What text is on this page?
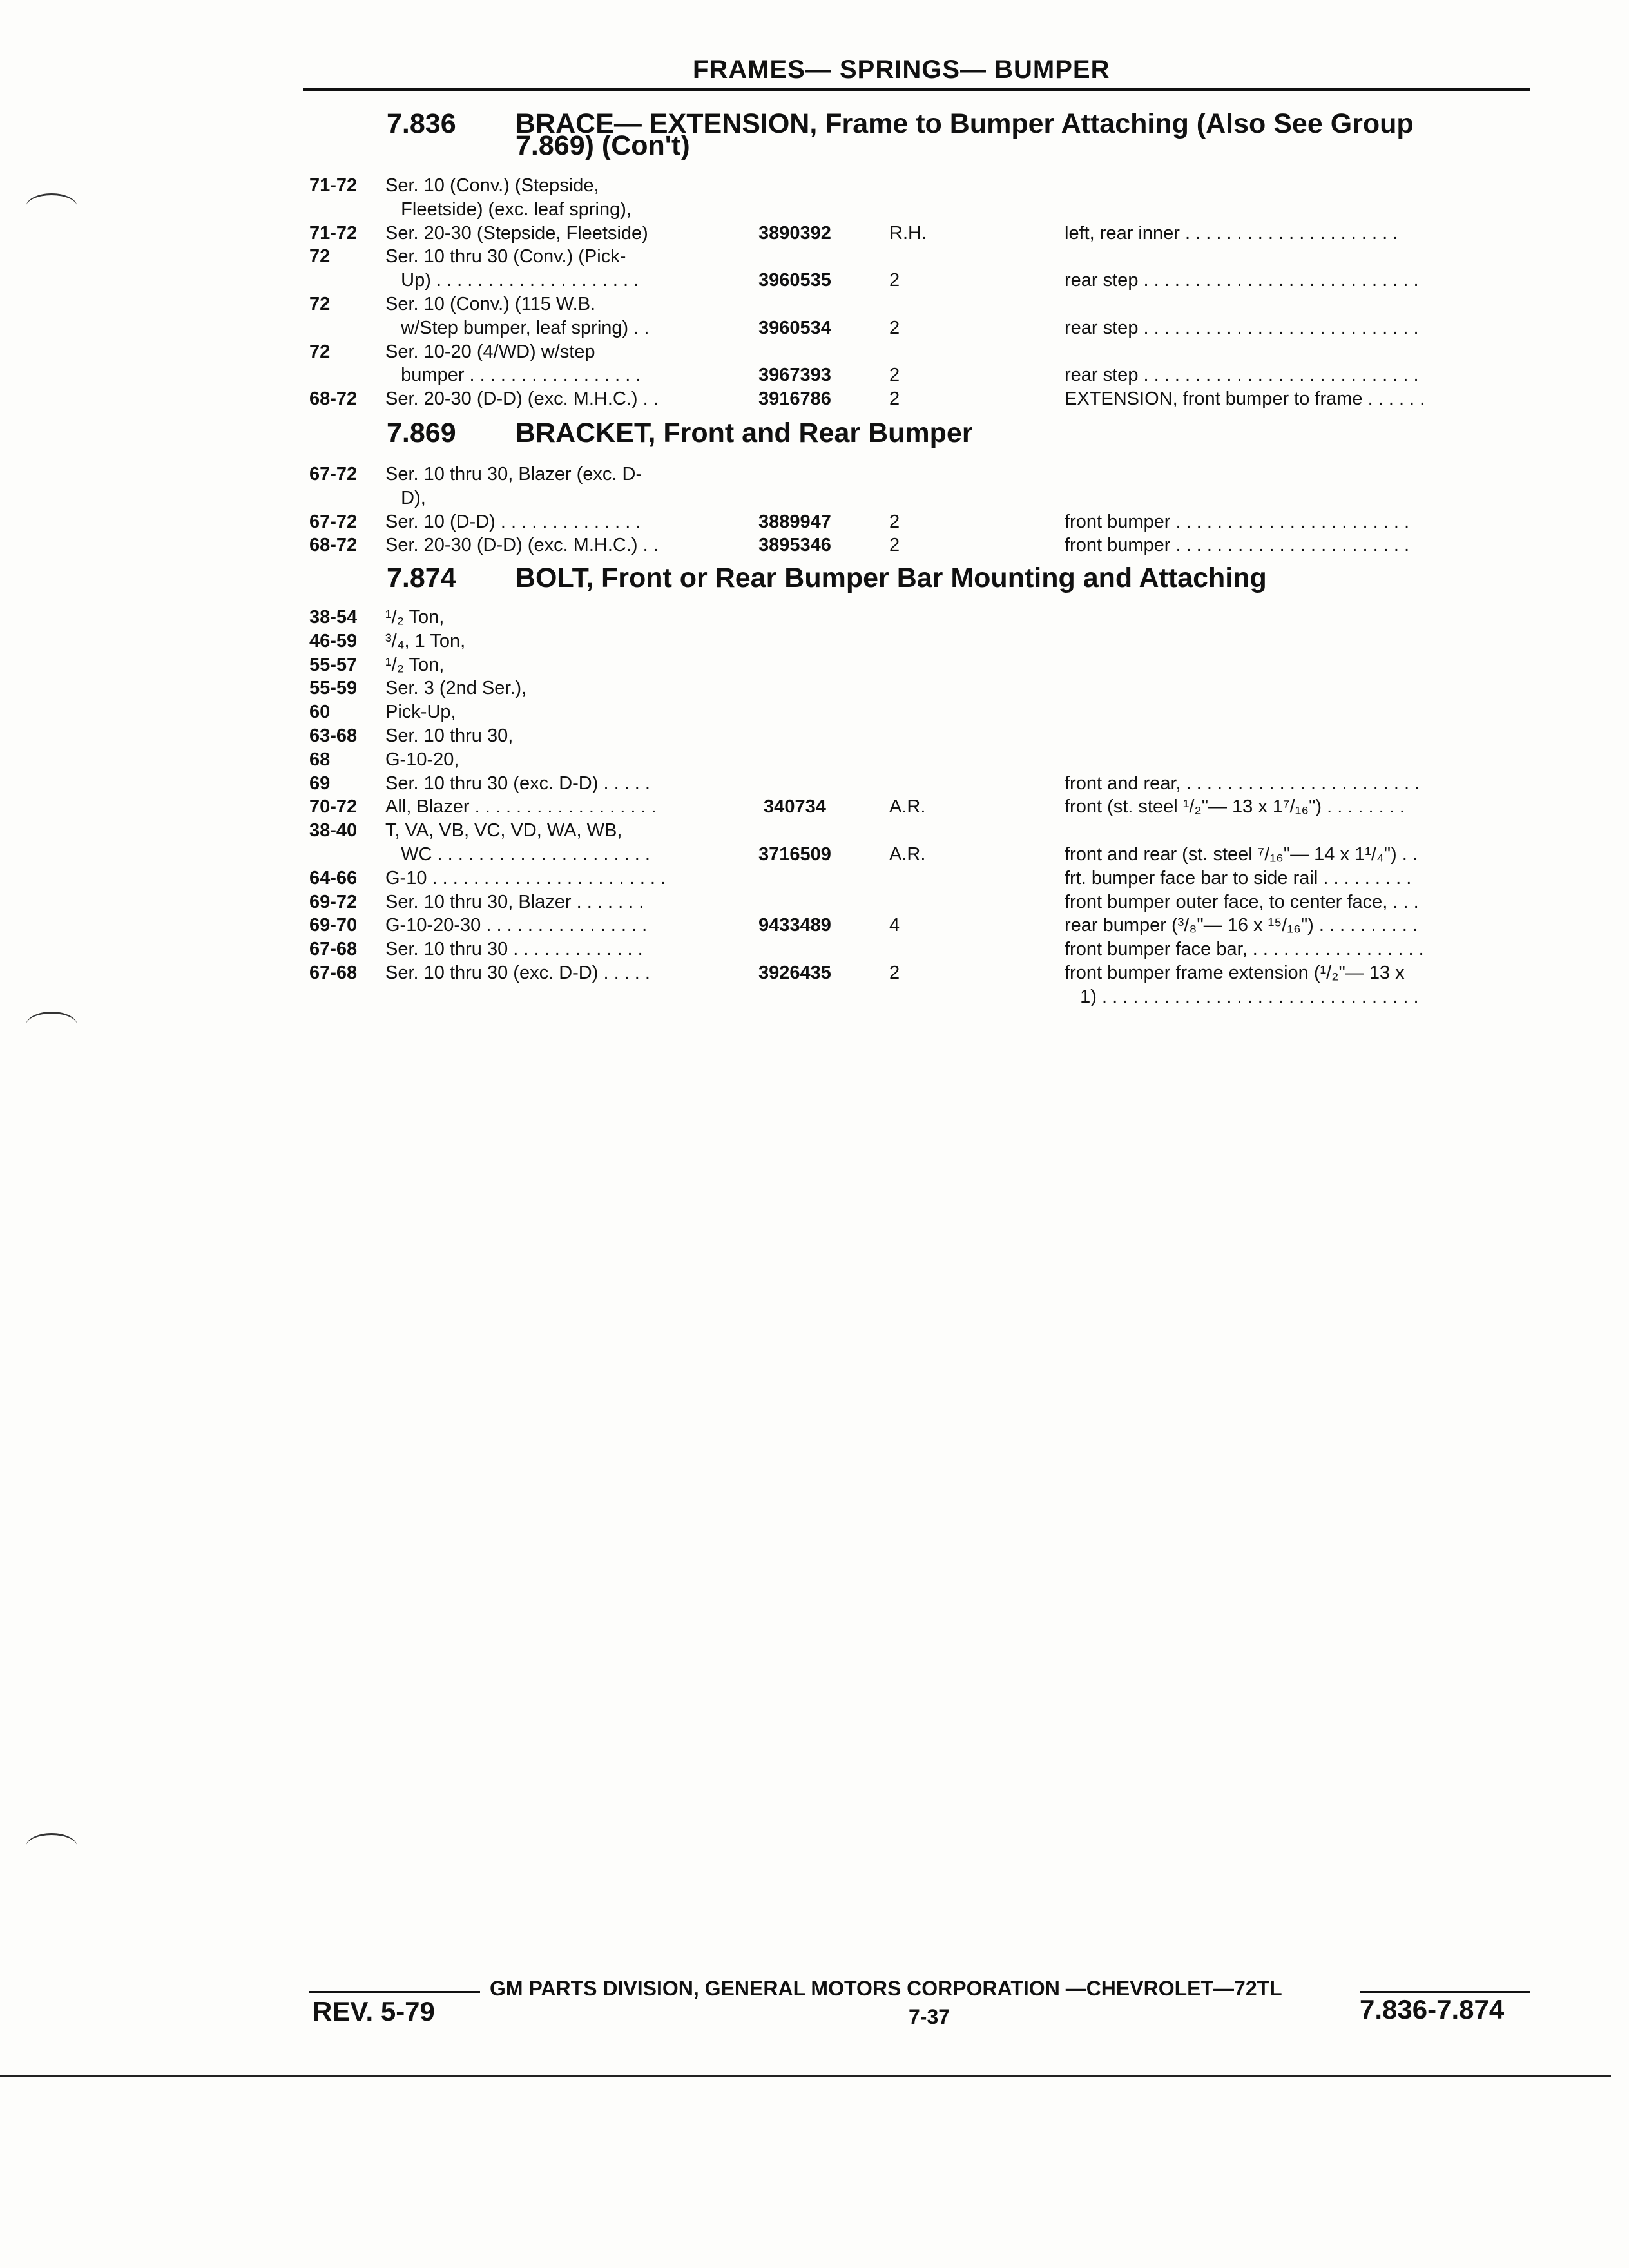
FRAMES— SPRINGS— BUMPER
7.836 BRACE— EXTENSION, Frame to Bumper Attaching (Also See Group
7.869) (Con't)
71-72 Ser. 10 (Conv.) (Stepside,
Fleetside) (exc. leaf spring),
71-72 Ser. 20-30 (Stepside, Fleetside)	3890392	R.H.	left, rear inner . . . . . . . . . . . . . . . . . . . . .
72	Ser. 10 thru 30 (Conv.) (Pick-
Up) . . . . . . . . . . . . . . . . . . . .	3960535	2	rear step . . . . . . . . . . . . . . . . . . . . . . . . . . .
72	Ser. 10 (Conv.) (115 W.B.
w/Step bumper, leaf spring) . .	3960534	2	rear step . . . . . . . . . . . . . . . . . . . . . . . . . . .
72	Ser. 10-20 (4/WD) w/step
bumper . . . . . . . . . . . . . . . . .	3967393	2	rear step . . . . . . . . . . . . . . . . . . . . . . . . . . .
68-72 Ser. 20-30 (D-D) (exc. M.H.C.) . .	3916786	2	EXTENSION, front bumper to frame . . . . . .
7.869 BRACKET, Front and Rear Bumper
67-72 Ser. 10 thru 30, Blazer (exc. D-
D),
67-72 Ser. 10 (D-D) . . . . . . . . . . . . . .	3889947	2	front bumper . . . . . . . . . . . . . . . . . . . . . . .
68-72 Ser. 20-30 (D-D) (exc. M.H.C.) . .	3895346	2	front bumper . . . . . . . . . . . . . . . . . . . . . . .
7.874 BOLT, Front or Rear Bumper Bar Mounting and Attaching
38-54 ¹/₂ Ton,
46-59 ³/₄, 1 Ton,
55-57 ¹/₂ Ton,
55-59 Ser. 3 (2nd Ser.),
60	Pick-Up,
63-68 Ser. 10 thru 30,
68	G-10-20,
69	Ser. 10 thru 30 (exc. D-D) . . . . .	front and rear, . . . . . . . . . . . . . . . . . . . . . . .
70-72 All, Blazer . . . . . . . . . . . . . . . . . .	340734	A.R.	front (st. steel ¹/₂"— 13 x 1⁷/₁₆") . . . . . . . .
38-40 T, VA, VB, VC, VD, WA, WB,
WC . . . . . . . . . . . . . . . . . . . . .	3716509	A.R.	front and rear (st. steel ⁷/₁₆"— 14 x 1¹/₄") . .
64-66 G-10 . . . . . . . . . . . . . . . . . . . . . . .	frt. bumper face bar to side rail . . . . . . . . .
69-72 Ser. 10 thru 30, Blazer . . . . . . .	front bumper outer face, to center face, . . .
69-70 G-10-20-30 . . . . . . . . . . . . . . . .	9433489	4	rear bumper (³/₈"— 16 x ¹⁵/₁₆") . . . . . . . . . .
67-68 Ser. 10 thru 30 . . . . . . . . . . . . .	front bumper face bar, . . . . . . . . . . . . . . . . .
67-68 Ser. 10 thru 30 (exc. D-D) . . . . .	3926435	2	front bumper frame extension (¹/₂"— 13 x
1) . . . . . . . . . . . . . . . . . . . . . . . . . . . . . . .
GM PARTS DIVISION, GENERAL MOTORS CORPORATION —CHEVROLET—72TL
REV. 5-79	7-37	7.836-7.874
